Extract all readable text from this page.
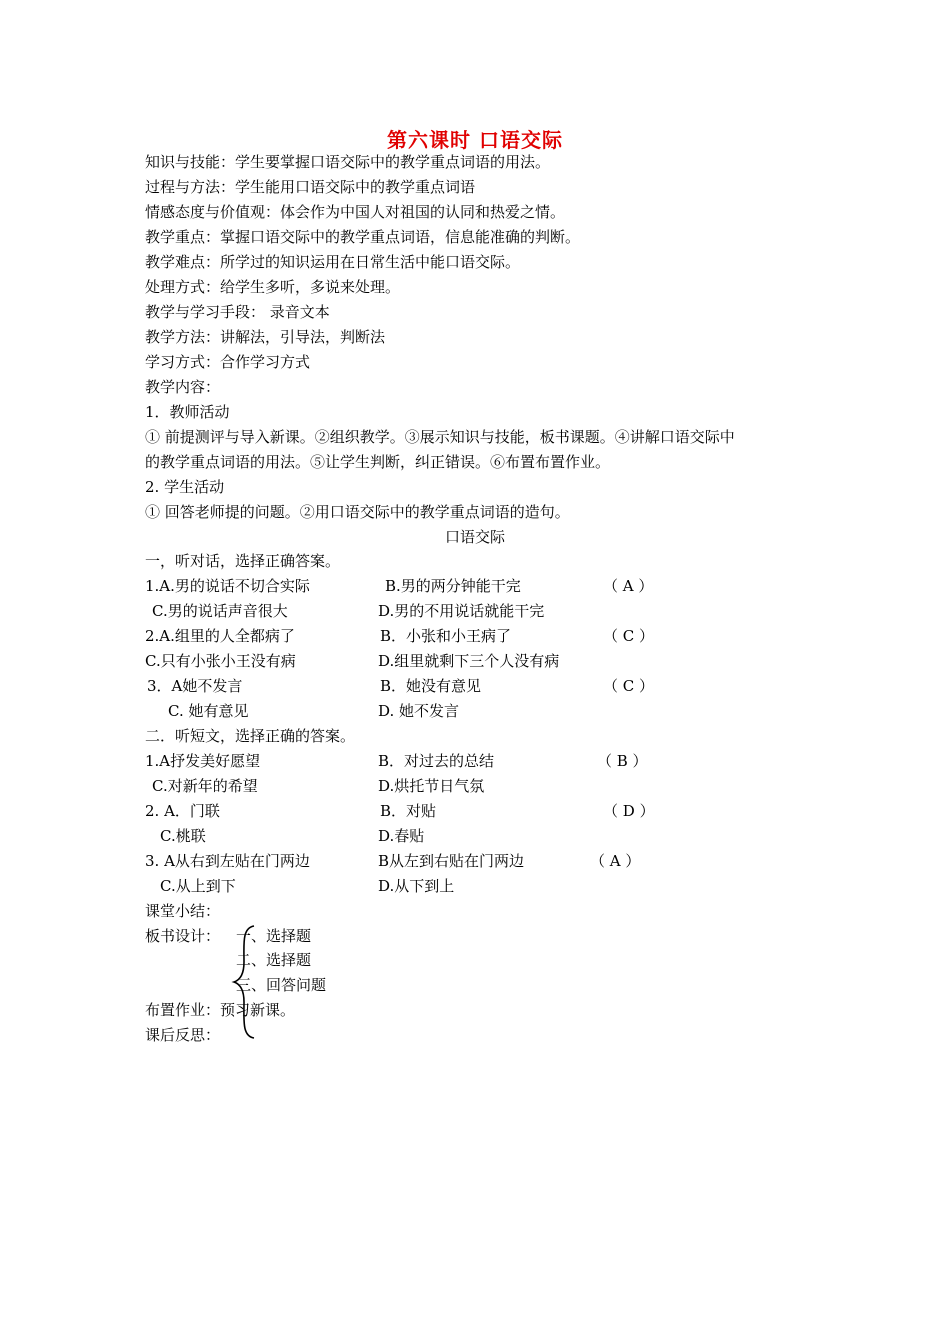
第六课时 口语交际
知识与技能：学生要掌握口语交际中的教学重点词语的用法。
过程与方法：学生能用口语交际中的教学重点词语
情感态度与价值观：体会作为中国人对祖国的认同和热爱之情。
教学重点：掌握口语交际中的教学重点词语，信息能准确的判断。
教学难点：所学过的知识运用在日常生活中能口语交际。
处理方式：给学生多听，多说来处理。
教学与学习手段： 录音文本
教学方法：讲解法，引导法，判断法
学习方式：合作学习方式
教学内容：
1．教师活动
① 前提测评与导入新课。②组织教学。③展示知识与技能，板书课题。④讲解口语交际中
的教学重点词语的用法。⑤让学生判断，纠正错误。⑥布置布置作业。
2. 学生活动
① 回答老师提的问题。②用口语交际中的教学重点词语的造句。
口语交际
一，听对话，选择正确答案。
1.A.男的说话不切合实际	B.男的两分钟能干完	（ A ）
C.男的说话声音很大	D.男的不用说话就能干完
2.A.组里的人全都病了	B．小张和小王病了	（ C ）
C.只有小张小王没有病	D.组里就剩下三个人没有病
3．A她不发言	B．她没有意见	（ C ）
C. 她有意见	D. 她不发言
二．听短文，选择正确的答案。
1.A抒发美好愿望	B．对过去的总结	（ B ）
C.对新年的希望	D.烘托节日气氛
2. A．门联	B．对贴	（ D ）
C.桃联	D.春贴
3. A从右到左贴在门两边	B从左到右贴在门两边	（ A ）
C.从上到下	D.从下到上
课堂小结：
板书设计： 一、选择题
二、选择题
三、回答问题
布置作业：预习新课。
课后反思：
